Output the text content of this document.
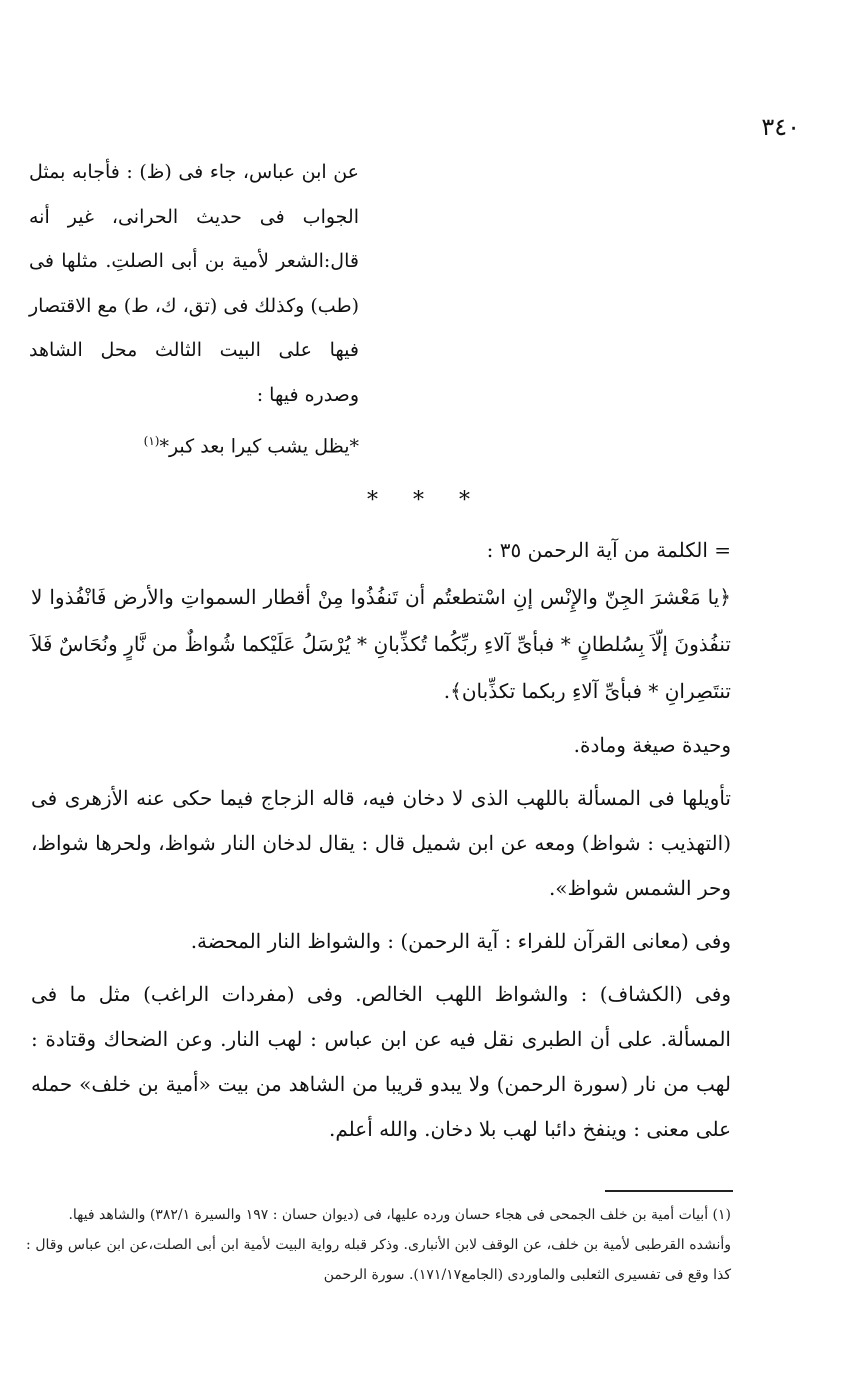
٣٤٠

عن ابن عباس، جاء فى (ظ) : فأجابه بمثل الجواب فى حديث الحرانى، غير أنه قال:الشعر لأمية بن أبى الصلتِ. مثلها فى (طب) وكذلك فى (تق، ك، ط) مع الاقتصار فيها على البيت الثالث محل الشاهد وصدره فيها :

*يظل يشب كيرا بعد كبر*$^{(١)}$
* * *

= الكلمة من آية الرحمن ٣٥ :

﴿يا مَعْشرَ الجِنّ والإِنْس إنِ اسْتطعتُم أن تَنفُذُوا مِنْ أقطار السمواتِ والأرض فَانْفُذوا لا تنفُذونَ إلّاَ بِسُلطانٍ * فبأىِّ آلاءِ ربِّكُما تُكذِّبانِ * يُرْسَلُ عَلَيْكما شُواظٌ من نَّارٍ ونُحَاسٌ فَلاَ تنتَصِرانِ * فبأىِّ آلاءِ ربكما تكذِّبان﴾.

وحيدة صيغة ومادة.

تأويلها فى المسألة باللهب الذى لا دخان فيه، قاله الزجاج فيما حكى عنه الأزهرى فى (التهذيب : شواظ) ومعه عن ابن شميل قال : يقال لدخان النار شواظ، ولحرها شواظ، وحر الشمس شواظ».

وفى (معانى القرآن للفراء : آية الرحمن) : والشواظ النار المحضة.

وفى (الكشاف) : والشواظ اللهب الخالص. وفى (مفردات الراغب) مثل ما فى المسألة. على أن الطبرى نقل فيه عن ابن عباس : لهب النار. وعن الضحاك وقتادة : لهب من نار (سورة الرحمن) ولا يبدو قريبا من الشاهد من بيت «أمية بن خلف» حمله على معنى : وينفخ دائبا لهب بلا دخان. والله أعلم.

(١) أبيات أمية بن خلف الجمحى فى هجاء حسان ورده عليها، فى (ديوان حسان : ١٩٧ والسيرة ٣٨٢/١) والشاهد فيها.

وأنشده القرطبى لأمية بن خلف، عن الوقف لابن الأنبارى. وذكر قبله رواية البيت لأمية ابن أبى الصلت،عن ابن عباس وقال : كذا وقع فى تفسيرى الثعلبى والماوردى (الجامع١٧١/١٧). سورة الرحمن
